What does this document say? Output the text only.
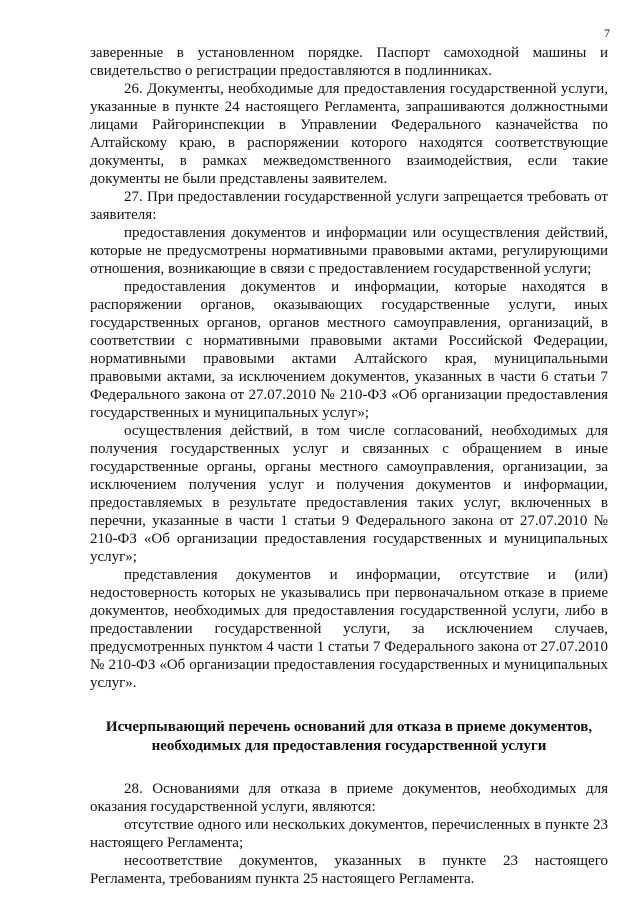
7

заверенные в установленном порядке. Паспорт самоходной машины и свидетельство о регистрации предоставляются в подлинниках.

26. Документы, необходимые для предоставления государственной услуги, указанные в пункте 24 настоящего Регламента, запрашиваются должностными лицами Райгоринспекции в Управлении Федерального казначейства по Алтайскому краю, в распоряжении которого находятся соответствующие документы, в рамках межведомственного взаимодействия, если такие документы не были представлены заявителем.

27. При предоставлении государственной услуги запрещается требовать от заявителя:

предоставления документов и информации или осуществления действий, которые не предусмотрены нормативными правовыми актами, регулирующими отношения, возникающие в связи с предоставлением государственной услуги;

предоставления документов и информации, которые находятся в распоряжении органов, оказывающих государственные услуги, иных государственных органов, органов местного самоуправления, организаций, в соответствии с нормативными правовыми актами Российской Федерации, нормативными правовыми актами Алтайского края, муниципальными правовыми актами, за исключением документов, указанных в части 6 статьи 7 Федерального закона от 27.07.2010 № 210-ФЗ «Об организации предоставления государственных и муниципальных услуг»;

осуществления действий, в том числе согласований, необходимых для получения государственных услуг и связанных с обращением в иные государственные органы, органы местного самоуправления, организации, за исключением получения услуг и получения документов и информации, предоставляемых в результате предоставления таких услуг, включенных в перечни, указанные в части 1 статьи 9 Федерального закона от 27.07.2010 № 210-ФЗ «Об организации предоставления государственных и муниципальных услуг»;

представления документов и информации, отсутствие и (или) недостоверность которых не указывались при первоначальном отказе в приеме документов, необходимых для предоставления государственной услуги, либо в предоставлении государственной услуги, за исключением случаев, предусмотренных пунктом 4 части 1 статьи 7 Федерального закона от 27.07.2010 № 210-ФЗ «Об организации предоставления государственных и муниципальных услуг».

Исчерпывающий перечень оснований для отказа в приеме документов, необходимых для предоставления государственной услуги

28. Основаниями для отказа в приеме документов, необходимых для оказания государственной услуги, являются:

отсутствие одного или нескольких документов, перечисленных в пункте 23 настоящего Регламента;

несоответствие документов, указанных в пункте 23 настоящего Регламента, требованиям пункта 25 настоящего Регламента.
